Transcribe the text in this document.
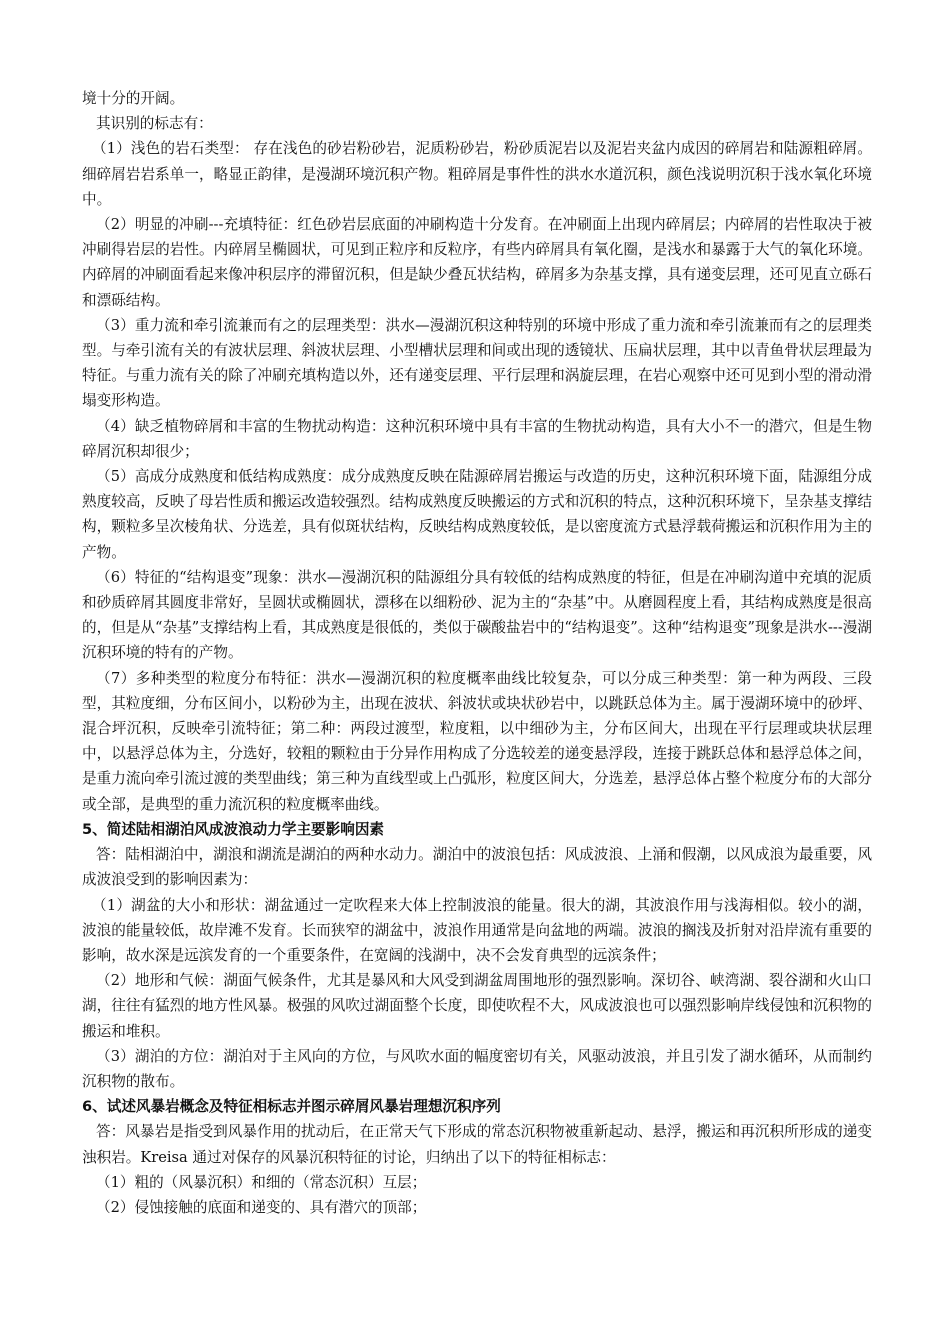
境十分的开阔。

其识别的标志有：

（1）浅色的岩石类型： 存在浅色的砂岩粉砂岩，泥质粉砂岩，粉砂质泥岩以及泥岩夹盆内成因的碎屑岩和陆源粗碎屑。细碎屑岩岩系单一，略显正韵律，是漫湖环境沉积产物。粗碎屑是事件性的洪水水道沉积，颜色浅说明沉积于浅水氧化环境中。

（2）明显的冲刷---充填特征：红色砂岩层底面的冲刷构造十分发育。在冲刷面上出现内碎屑层；内碎屑的岩性取决于被冲刷得岩层的岩性。内碎屑呈椭圆状，可见到正粒序和反粒序，有些内碎屑具有氧化圈，是浅水和暴露于大气的氧化环境。内碎屑的冲刷面看起来像冲积层序的滞留沉积，但是缺少叠瓦状结构，碎屑多为杂基支撑，具有递变层理，还可见直立砾石和漂砾结构。

（3）重力流和牵引流兼而有之的层理类型：洪水—漫湖沉积这种特别的环境中形成了重力流和牵引流兼而有之的层理类型。与牵引流有关的有波状层理、斜波状层理、小型槽状层理和间或出现的透镜状、压扁状层理，其中以青鱼骨状层理最为特征。与重力流有关的除了冲刷充填构造以外，还有递变层理、平行层理和涡旋层理，在岩心观察中还可见到小型的滑动滑塌变形构造。

（4）缺乏植物碎屑和丰富的生物扰动构造：这种沉积环境中具有丰富的生物扰动构造，具有大小不一的潜穴，但是生物碎屑沉积却很少；

（5）高成分成熟度和低结构成熟度：成分成熟度反映在陆源碎屑岩搬运与改造的历史，这种沉积环境下面，陆源组分成熟度较高，反映了母岩性质和搬运改造较强烈。结构成熟度反映搬运的方式和沉积的特点，这种沉积环境下，呈杂基支撑结构，颗粒多呈次棱角状、分选差，具有似斑状结构，反映结构成熟度较低，是以密度流方式悬浮载荷搬运和沉积作用为主的产物。

（6）特征的“结构退变”现象：洪水—漫湖沉积的陆源组分具有较低的结构成熟度的特征，但是在冲刷沟道中充填的泥质和砂质碎屑其圆度非常好，呈圆状或椭圆状，漂移在以细粉砂、泥为主的“杂基”中。从磨圆程度上看，其结构成熟度是很高的，但是从“杂基”支撑结构上看，其成熟度是很低的，类似于碳酸盐岩中的“结构退变”。这种“结构退变”现象是洪水---漫湖沉积环境的特有的产物。

（7）多种类型的粒度分布特征：洪水—漫湖沉积的粒度概率曲线比较复杂，可以分成三种类型：第一种为两段、三段型，其粒度细，分布区间小，以粉砂为主，出现在波状、斜波状或块状砂岩中，以跳跃总体为主。属于漫湖环境中的砂坪、混合坪沉积，反映牵引流特征；第二种：两段过渡型，粒度粗，以中细砂为主，分布区间大，出现在平行层理或块状层理中，以悬浮总体为主，分选好，较粗的颗粒由于分异作用构成了分选较差的递变悬浮段，连接于跳跃总体和悬浮总体之间，是重力流向牵引流过渡的类型曲线；第三种为直线型或上凸弧形，粒度区间大，分选差，悬浮总体占整个粒度分布的大部分或全部，是典型的重力流沉积的粒度概率曲线。

5、简述陆相湖泊风成波浪动力学主要影响因素

答：陆相湖泊中，湖浪和湖流是湖泊的两种水动力。湖泊中的波浪包括：风成波浪、上涌和假潮，以风成浪为最重要，风成波浪受到的影响因素为：

（1）湖盆的大小和形状：湖盆通过一定吹程来大体上控制波浪的能量。很大的湖，其波浪作用与浅海相似。较小的湖，波浪的能量较低，故岸滩不发育。长而狭窄的湖盆中，波浪作用通常是向盆地的两端。波浪的搁浅及折射对沿岸流有重要的影响，故水深是远滨发育的一个重要条件，在宽阔的浅湖中，决不会发育典型的远滨条件；

（2）地形和气候：湖面气候条件，尤其是暴风和大风受到湖盆周围地形的强烈影响。深切谷、峡湾湖、裂谷湖和火山口湖，往往有猛烈的地方性风暴。极强的风吹过湖面整个长度，即使吹程不大，风成波浪也可以强烈影响岸线侵蚀和沉积物的搬运和堆积。

（3）湖泊的方位：湖泊对于主风向的方位，与风吹水面的幅度密切有关，风驱动波浪，并且引发了湖水循环，从而制约沉积物的散布。

6、试述风暴岩概念及特征相标志并图示碎屑风暴岩理想沉积序列

答：风暴岩是指受到风暴作用的扰动后，在正常天气下形成的常态沉积物被重新起动、悬浮，搬运和再沉积所形成的递变浊积岩。Kreisa 通过对保存的风暴沉积特征的讨论，归纳出了以下的特征相标志：

（1）粗的（风暴沉积）和细的（常态沉积）互层；

（2）侵蚀接触的底面和递变的、具有潜穴的顶部；
